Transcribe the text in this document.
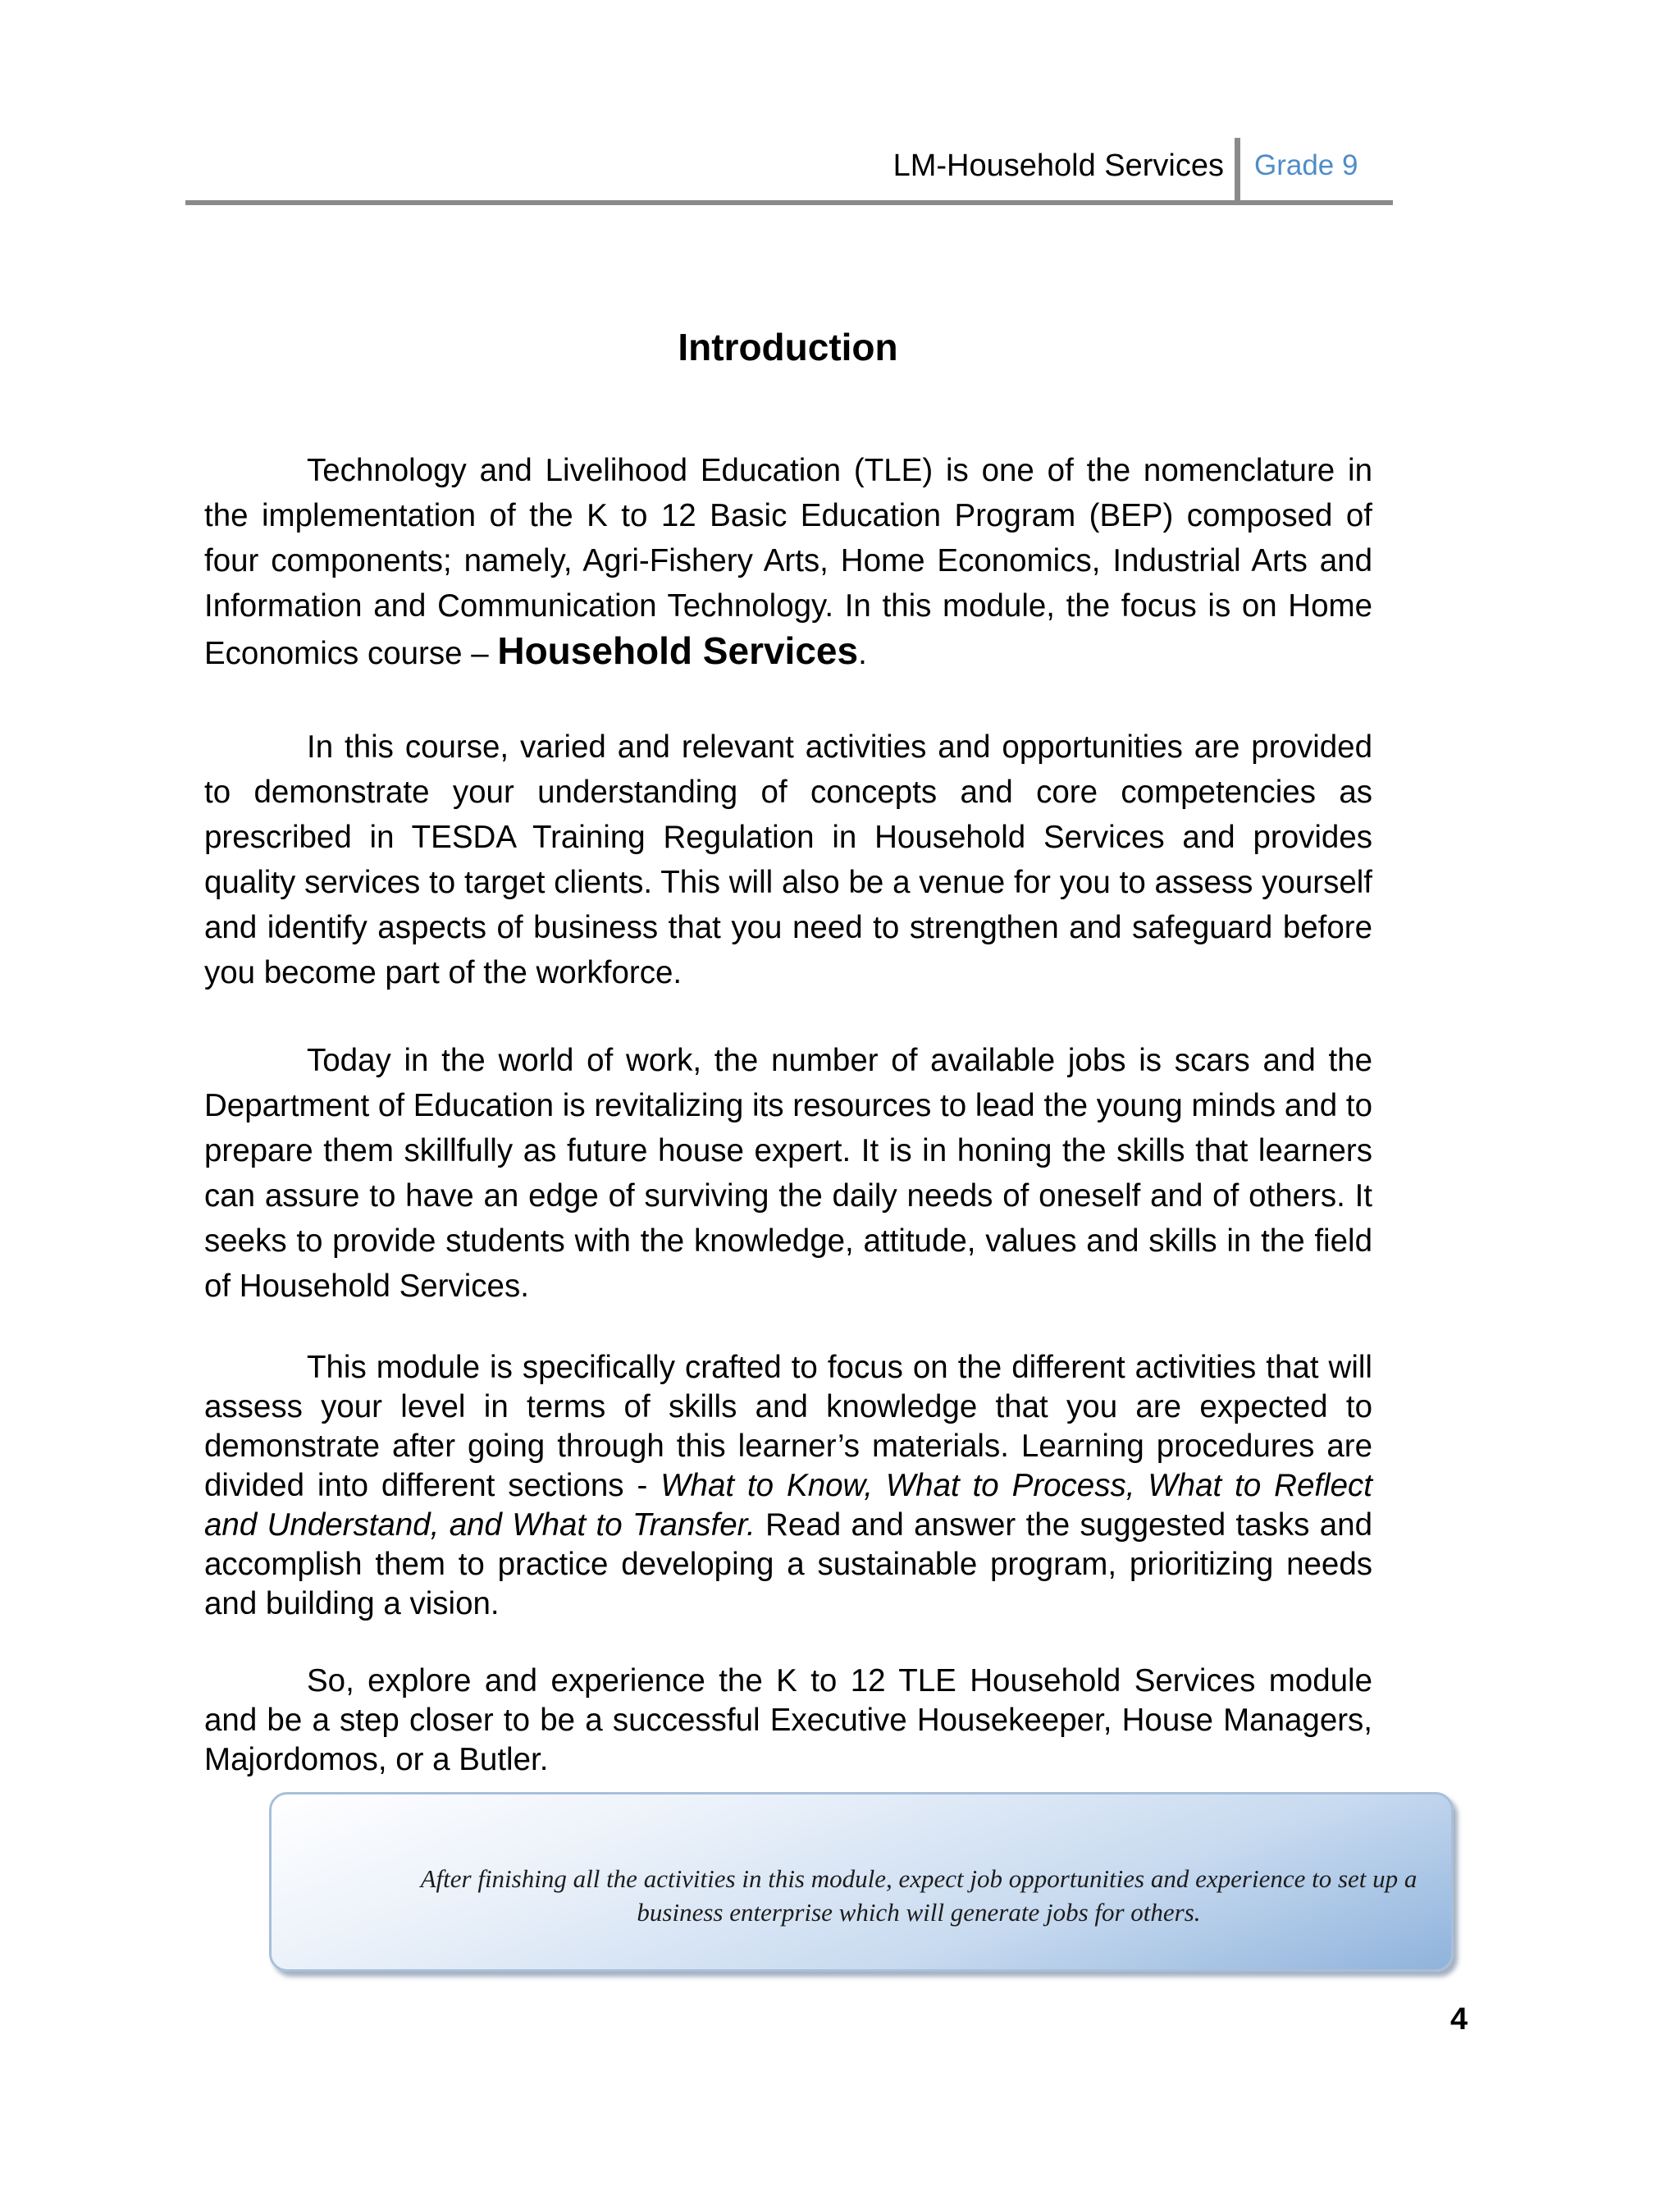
LM-Household Services Grade 9
Introduction

Technology and Livelihood Education (TLE) is one of the nomenclature in the implementation of the K to 12 Basic Education Program (BEP) composed of four components; namely, Agri-Fishery Arts, Home Economics, Industrial Arts and Information and Communication Technology. In this module, the focus is on Home Economics course – Household Services.

In this course, varied and relevant activities and opportunities are provided to demonstrate your understanding of concepts and core competencies as prescribed in TESDA Training Regulation in Household Services and provides quality services to target clients. This will also be a venue for you to assess yourself and identify aspects of business that you need to strengthen and safeguard before you become part of the workforce.

Today in the world of work, the number of available jobs is scars and the Department of Education is revitalizing its resources to lead the young minds and to prepare them skillfully as future house expert. It is in honing the skills that learners can assure to have an edge of surviving the daily needs of oneself and of others. It seeks to provide students with the knowledge, attitude, values and skills in the field of Household Services.

This module is specifically crafted to focus on the different activities that will assess your level in terms of skills and knowledge that you are expected to demonstrate after going through this learner’s materials. Learning procedures are divided into different sections - What to Know, What to Process, What to Reflect and Understand, and What to Transfer. Read and answer the suggested tasks and accomplish them to practice developing a sustainable program, prioritizing needs and building a vision.

So, explore and experience the K to 12 TLE Household Services module and be a step closer to be a successful Executive Housekeeper, House Managers, Majordomos, or a Butler.

After finishing all the activities in this module, expect job opportunities and experience to set up a business enterprise which will generate jobs for others.

4
